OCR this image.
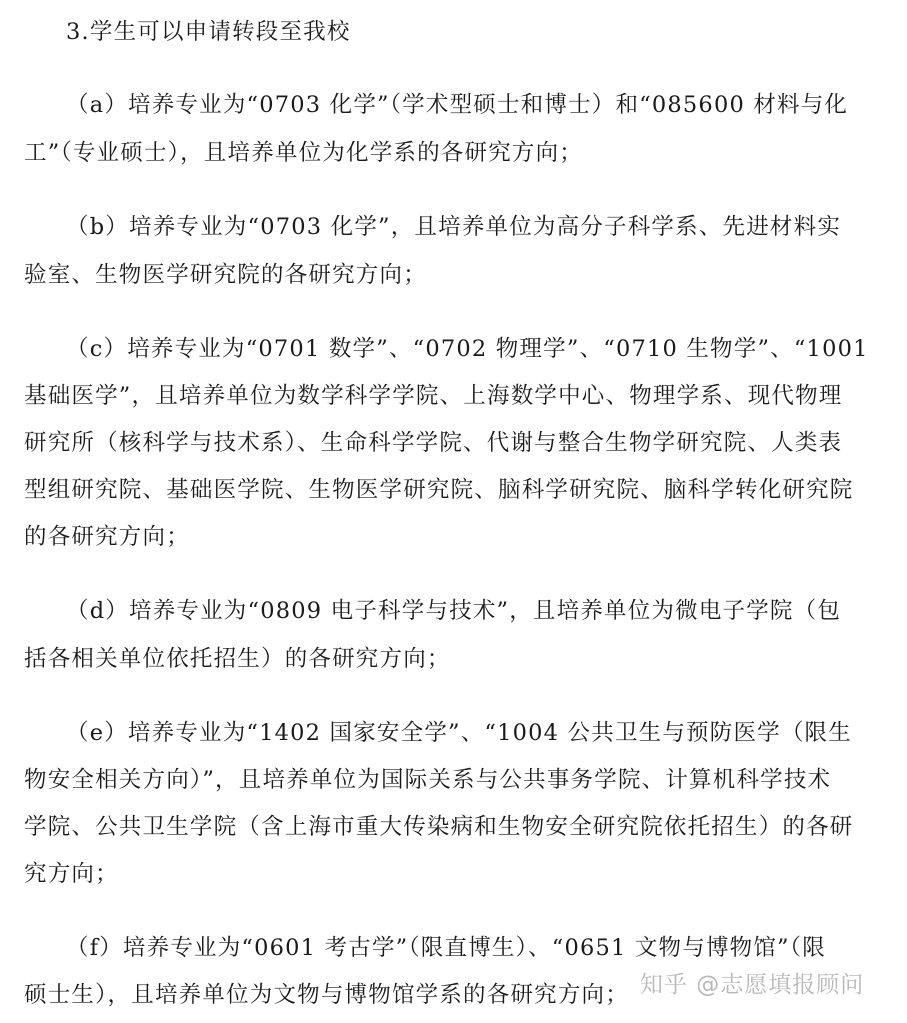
3.学生可以申请转段至我校
（a）培养专业为“0703 化学”（学术型硕士和博士）和“085600 材料与化
工”（专业硕士），且培养单位为化学系的各研究方向；
（b）培养专业为“0703 化学”，且培养单位为高分子科学系、先进材料实
验室、生物医学研究院的各研究方向；
（c）培养专业为“0701 数学”、“0702 物理学”、“0710 生物学”、“1001
基础医学”，且培养单位为数学科学学院、上海数学中心、物理学系、现代物理
研究所（核科学与技术系）、生命科学学院、代谢与整合生物学研究院、人类表
型组研究院、基础医学院、生物医学研究院、脑科学研究院、脑科学转化研究院
的各研究方向；
（d）培养专业为“0809 电子科学与技术”，且培养单位为微电子学院（包
括各相关单位依托招生）的各研究方向；
（e）培养专业为“1402 国家安全学”、“1004 公共卫生与预防医学（限生
物安全相关方向）”，且培养单位为国际关系与公共事务学院、计算机科学技术
学院、公共卫生学院（含上海市重大传染病和生物安全研究院依托招生）的各研
究方向；
（f）培养专业为“0601 考古学”（限直博生）、“0651 文物与博物馆”（限
硕士生），且培养单位为文物与博物馆学系的各研究方向； 知乎 @志愿填报顾问
